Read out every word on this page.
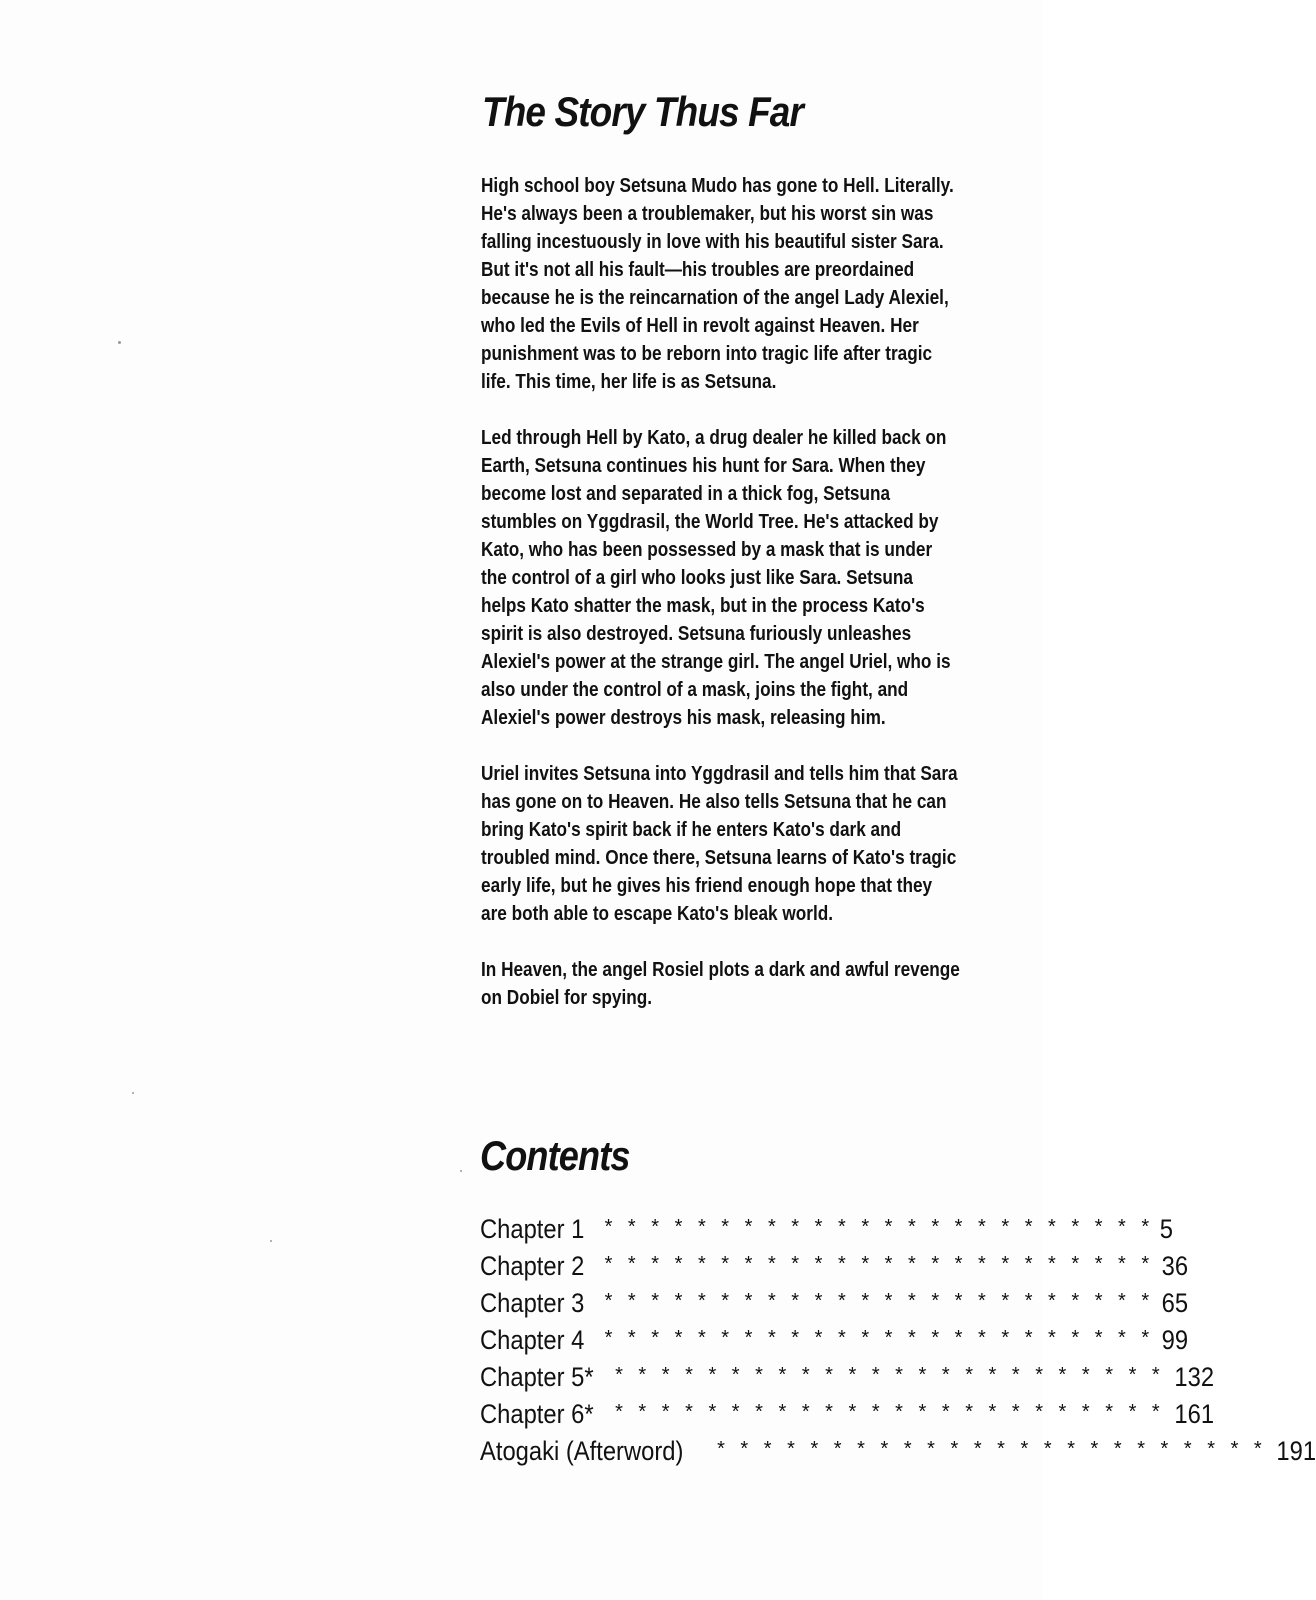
The Story Thus Far

High school boy Setsuna Mudo has gone to Hell. Literally. He's always been a troublemaker, but his worst sin was falling incestuously in love with his beautiful sister Sara. But it's not all his fault—his troubles are preordained because he is the reincarnation of the angel Lady Alexiel, who led the Evils of Hell in revolt against Heaven. Her punishment was to be reborn into tragic life after tragic life. This time, her life is as Setsuna.

Led through Hell by Kato, a drug dealer he killed back on Earth, Setsuna continues his hunt for Sara. When they become lost and separated in a thick fog, Setsuna stumbles on Yggdrasil, the World Tree. He's attacked by Kato, who has been possessed by a mask that is under the control of a girl who looks just like Sara. Setsuna helps Kato shatter the mask, but in the process Kato's spirit is also destroyed. Setsuna furiously unleashes Alexiel's power at the strange girl. The angel Uriel, who is also under the control of a mask, joins the fight, and Alexiel's power destroys his mask, releasing him.

Uriel invites Setsuna into Yggdrasil and tells him that Sara has gone on to Heaven. He also tells Setsuna that he can bring Kato's spirit back if he enters Kato's dark and troubled mind. Once there, Setsuna learns of Kato's tragic early life, but he gives his friend enough hope that they are both able to escape Kato's bleak world.

In Heaven, the angel Rosiel plots a dark and awful revenge on Dobiel for spying.

Contents
Chapter 1 * * * * * * * * * * * * * * * * * * * * * * * * 5
Chapter 2 * * * * * * * * * * * * * * * * * * * * * * * * 36
Chapter 3 * * * * * * * * * * * * * * * * * * * * * * * * 65
Chapter 4 * * * * * * * * * * * * * * * * * * * * * * * * 99
Chapter 5* * * * * * * * * * * * * * * * * * * * * * * * * 132
Chapter 6* * * * * * * * * * * * * * * * * * * * * * * * * 161
Atogaki (Afterword) * * * * * * * * * * * * * * * * * * * * * * * * 191
